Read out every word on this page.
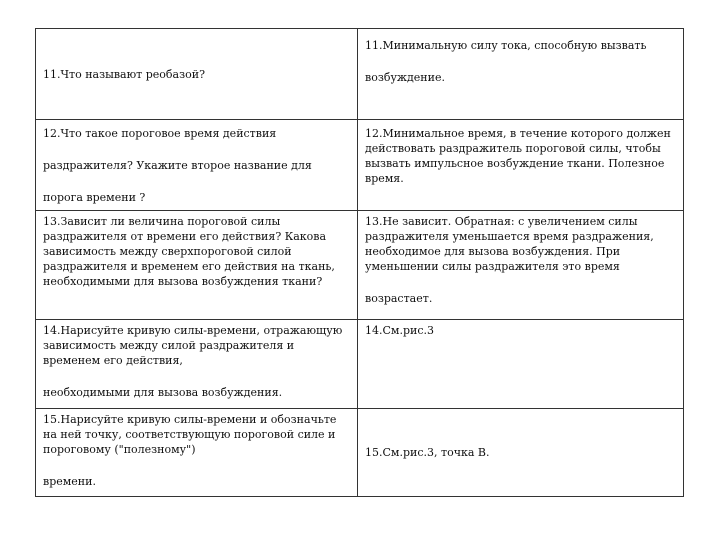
11.Что называют реобазой?	11.Минимальную силу тока, способную вызвать
возбуждение.

12.Что такое пороговое время действия
раздражителя? Укажите второе название для
порога времени ?	12.Минимальное время, в течение которого должен действовать раздражитель пороговой силы, чтобы вызвать импульсное возбуждение ткани. Полезное время.

13.Зависит ли величина пороговой силы раздражителя от времени его действия? Какова зависимость между сверхпороговой силой раздражителя и временем его действия на ткань, необходимыми для вызова возбуждения ткани?	13.Не зависит. Обратная: с увеличением силы раздражителя уменьшается время раздражения, необходимое для вызова возбуждения. При уменьшении силы раздражителя это время
возрастает.

14.Нарисуйте кривую силы-времени, отражающую зависимость между силой раздражителя и временем его действия,
необходимыми для вызова возбуждения.	14.См.рис.3

15.Нарисуйте кривую силы-времени и обозначьте на ней точку, соответствующую пороговой силе и пороговому ("полезному")
времени.	15.См.рис.3, точка В.
